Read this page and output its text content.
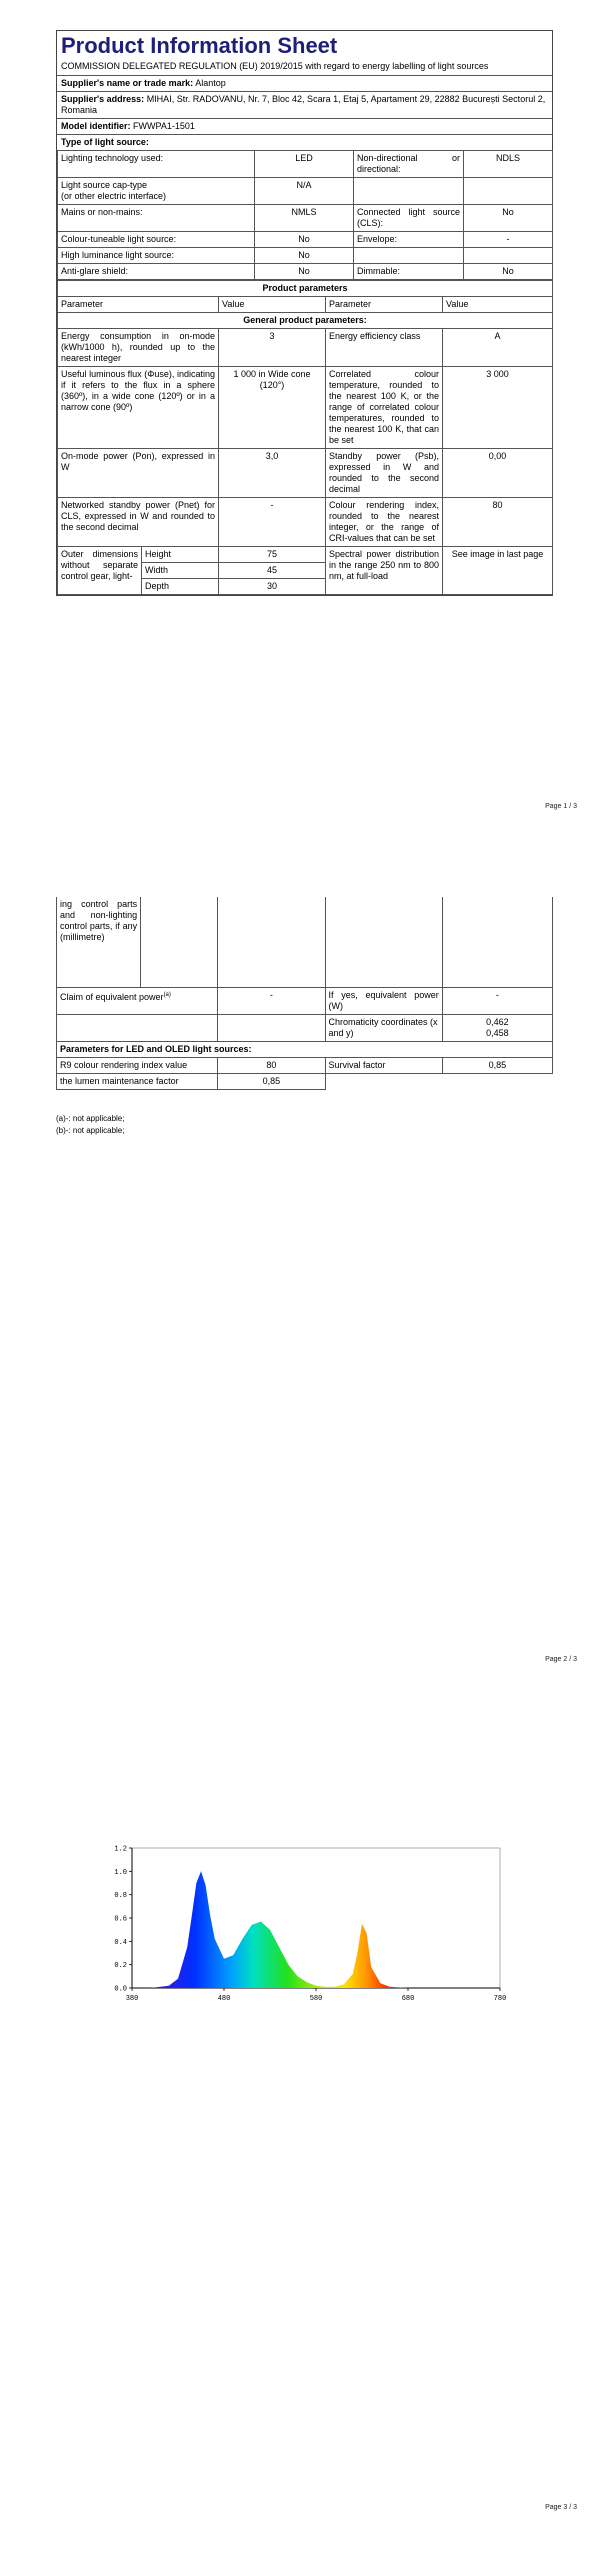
Product Information Sheet
COMMISSION DELEGATED REGULATION (EU) 2019/2015 with regard to energy labelling of light sources
Supplier's name or trade mark: Alantop
Supplier's address: MIHAI, Str. RADOVANU, Nr. 7, Bloc 42, Scara 1, Etaj 5, Apartament 29, 22882 București Sectorul 2, Romania
Model identifier: FWWPA1-1501
Type of light source:
Lighting technology used:	LED	Non-directional or directional:	NDLS
Light source cap-type
(or other electric interface)	N/A		
Mains or non-mains:	NMLS	Connected light source (CLS):	No
Colour-tuneable light source:	No	Envelope:	-
High luminance light source:	No		
Anti-glare shield:	No	Dimmable:	No
Product parameters				
Parameter		Value	Parameter	Value
General product parameters:				
Energy consumption in on-mode (kWh/1000 h), rounded up to the nearest integer		3	Energy efficiency class	A
Useful luminous flux (Φuse), indicating if it refers to the flux in a sphere (360º), in a wide cone (120º) or in a narrow cone (90º)		1 000 in Wide cone (120°)	Correlated colour temperature, rounded to the nearest 100 K, or the range of correlated colour temperatures, rounded to the nearest 100 K, that can be set	3 000
On-mode power (Pon), expressed in W		3,0	Standby power (Psb), expressed in W and rounded to the second decimal	0,00
Networked standby power (Pnet) for CLS, expressed in W and rounded to the second decimal		-	Colour rendering index, rounded to the nearest integer, or the range of CRI-values that can be set	80
Outer dimensions without separate control gear, light-	Height	75	Spectral power distribution in the range 250 nm to 800 nm, at full-load	See image in last page
	Width	45		
	Depth	30		
Page 1 / 3
ing control parts and non-lighting control parts, if any (millimetre)				
Claim of equivalent power$^{(a)}$		-	If yes, equivalent power (W)	-
			Chromaticity coordinates (x and y)	0,462
0,458

Parameters for LED and OLED light sources:				
R9 colour rendering index value		80	Survival factor	0,85
the lumen maintenance factor		0,85		
(a)-: not applicable;
(b)-: not applicable;
Page 2 / 3
Page 3 / 3
380	480	580	680	780
0.0
0.2
0.4
0.6
0.8
1.0
1.2
